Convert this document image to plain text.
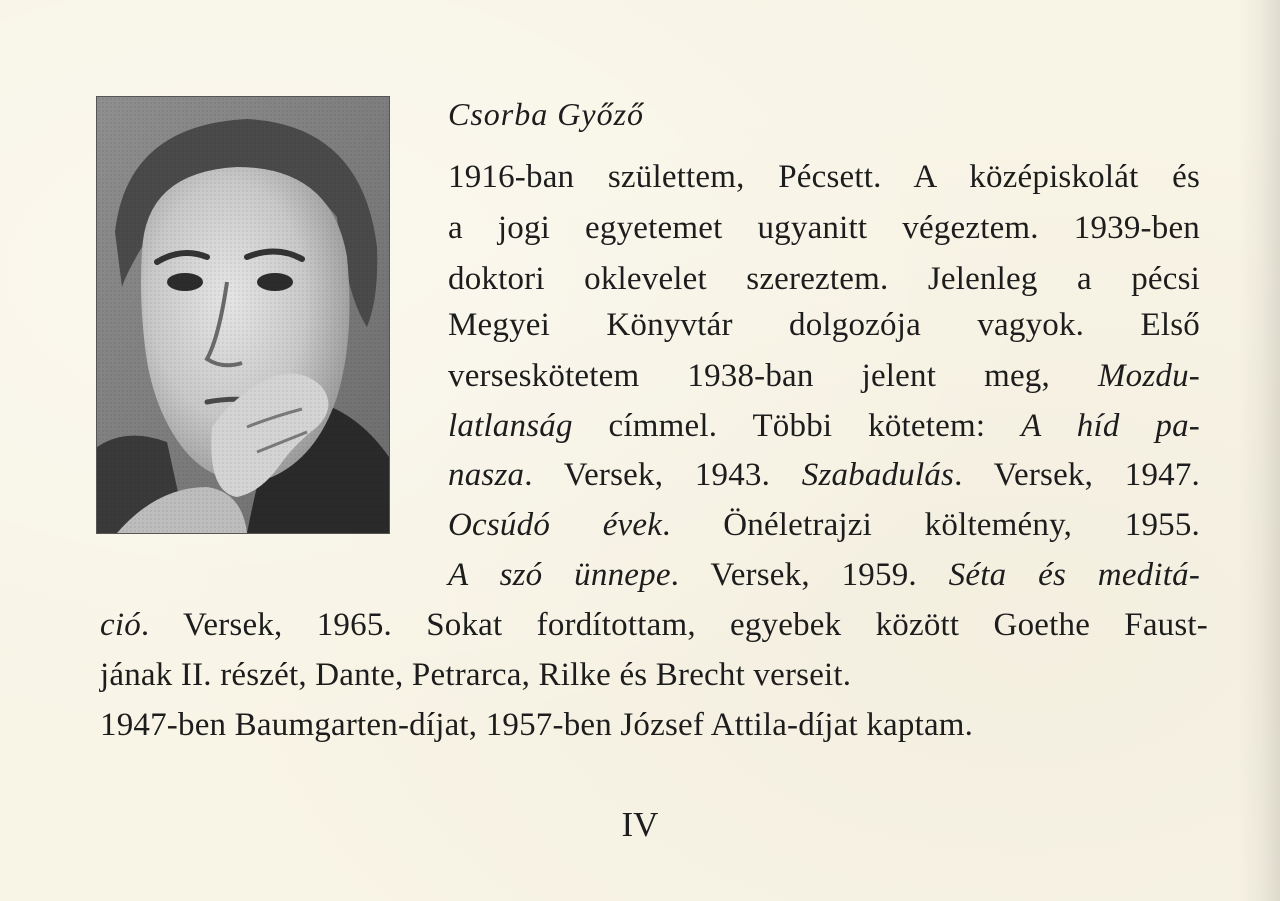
Csorba Győző
1916-ban születtem, Pécsett. A középiskolát és
a jogi egyetemet ugyanitt végeztem. 1939-ben
doktori oklevelet szereztem. Jelenleg a pécsi
Megyei Könyvtár dolgozója vagyok. Első
verseskötetem 1938-ban jelent meg, Mozdu-
latlanság címmel. Többi kötetem: A híd pa-
nasza. Versek, 1943. Szabadulás. Versek, 1947.
Ocsúdó évek. Önéletrajzi költemény, 1955.
A szó ünnepe. Versek, 1959. Séta és meditá-
ció. Versek, 1965. Sokat fordítottam, egyebek között Goethe Faust-
jának II. részét, Dante, Petrarca, Rilke és Brecht verseit.
1947-ben Baumgarten-díjat, 1957-ben József Attila-díjat kaptam.
IV
